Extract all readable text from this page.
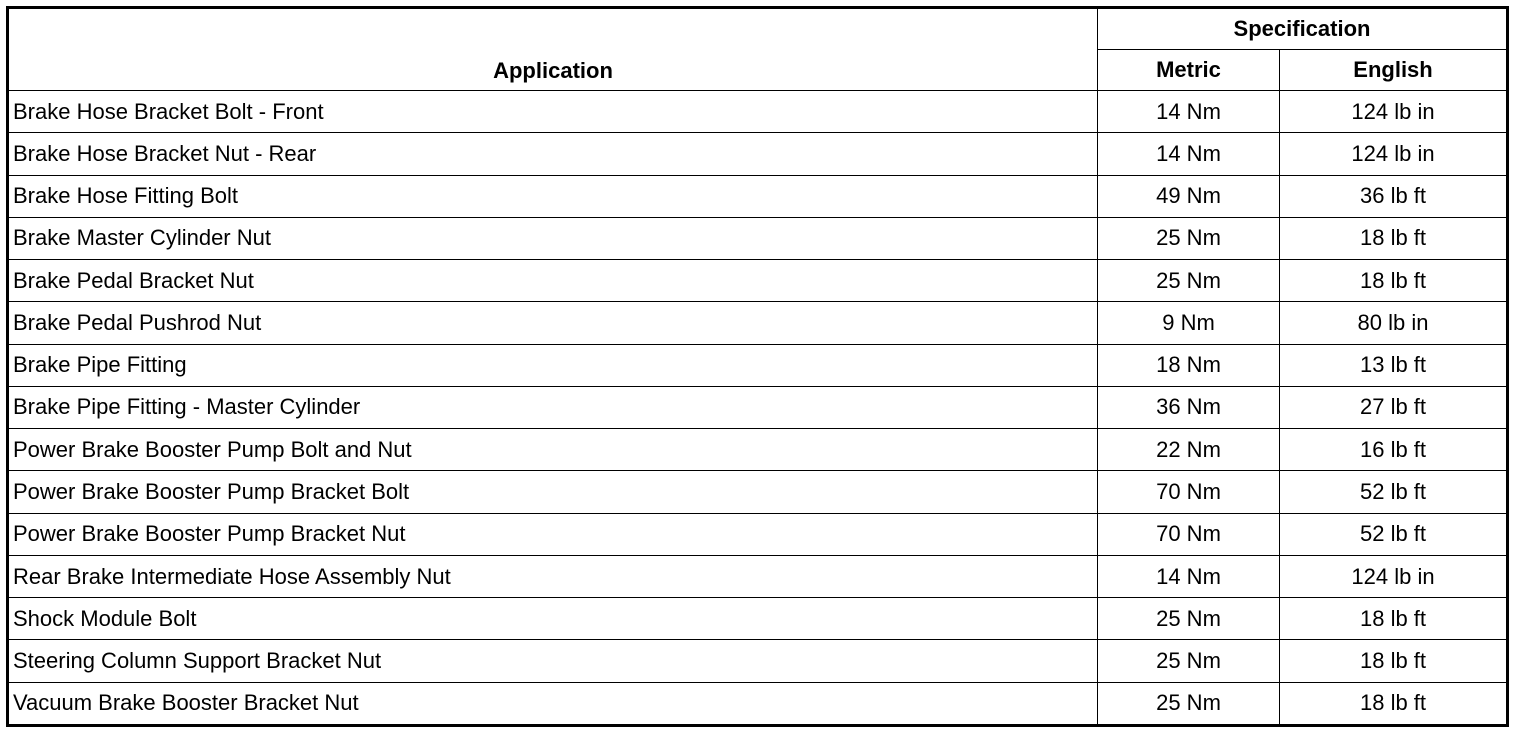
Application	Specification	
	Metric	English
Brake Hose Bracket Bolt - Front	14 Nm	124 lb in
Brake Hose Bracket Nut - Rear	14 Nm	124 lb in
Brake Hose Fitting Bolt	49 Nm	36 lb ft
Brake Master Cylinder Nut	25 Nm	18 lb ft
Brake Pedal Bracket Nut	25 Nm	18 lb ft
Brake Pedal Pushrod Nut	9 Nm	80 lb in
Brake Pipe Fitting	18 Nm	13 lb ft
Brake Pipe Fitting - Master Cylinder	36 Nm	27 lb ft
Power Brake Booster Pump Bolt and Nut	22 Nm	16 lb ft
Power Brake Booster Pump Bracket Bolt	70 Nm	52 lb ft
Power Brake Booster Pump Bracket Nut	70 Nm	52 lb ft
Rear Brake Intermediate Hose Assembly Nut	14 Nm	124 lb in
Shock Module Bolt	25 Nm	18 lb ft
Steering Column Support Bracket Nut	25 Nm	18 lb ft
Vacuum Brake Booster Bracket Nut	25 Nm	18 lb ft
